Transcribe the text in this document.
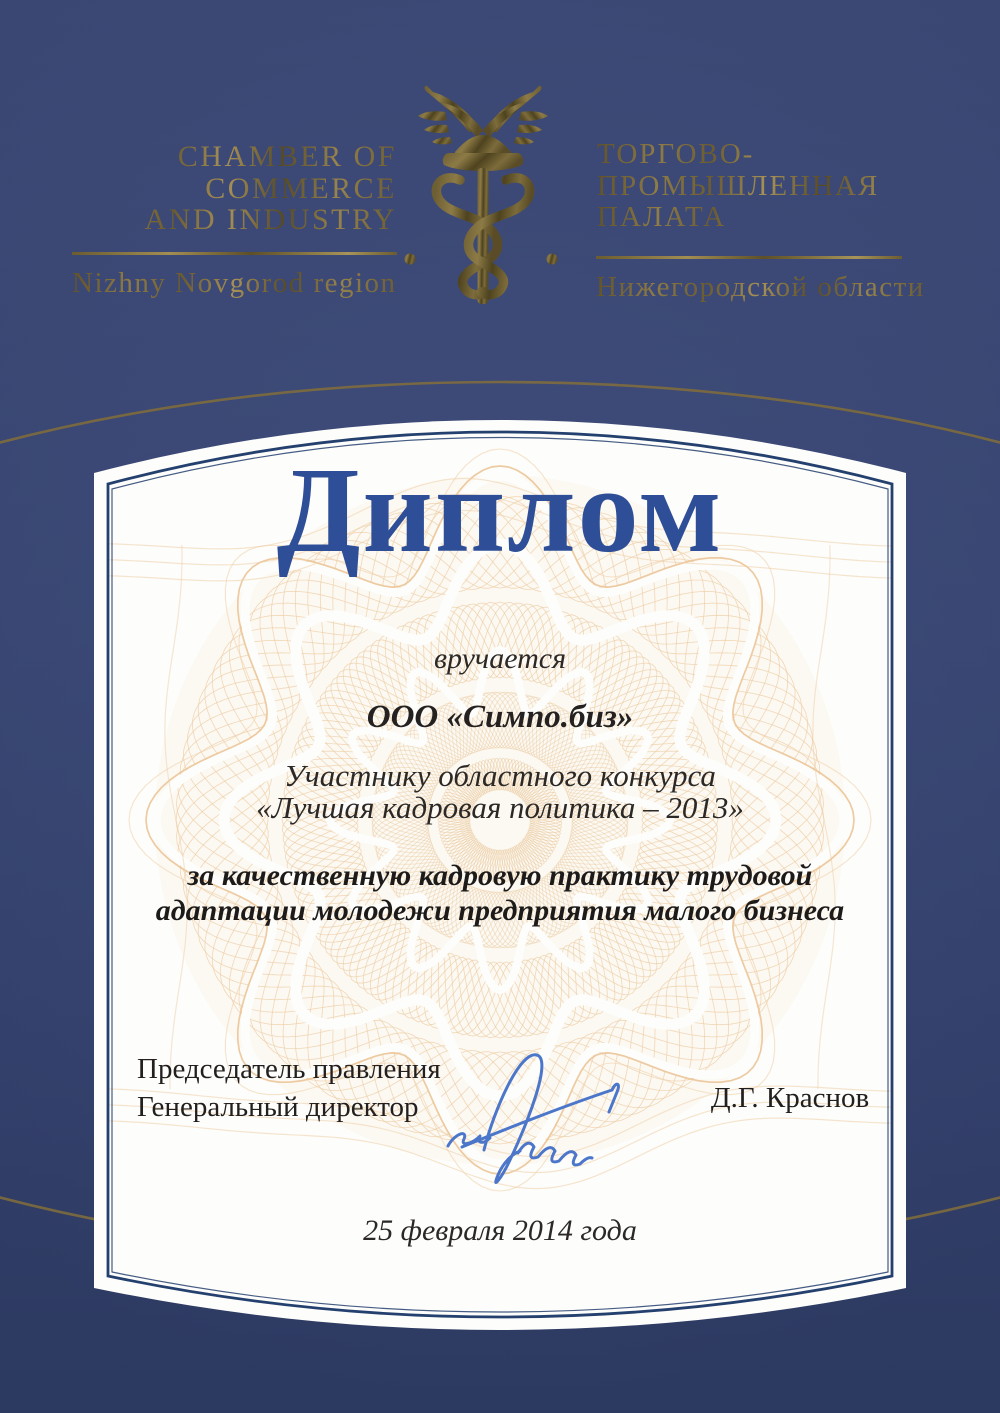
CHAMBER OF
COMMERCE
AND INDUSTRY
Nizhny Novgorod region
ТОРГОВО-
ПРОМЫШЛЕННАЯ
ПАЛАТА
Нижегородской области
Диплом
вручается
ООО «Симпо.биз»
Участнику областного конкурса
«Лучшая кадровая политика – 2013»
за качественную кадровую практику трудовой
адаптации молодежи предприятия малого бизнеса
Председатель правления
Генеральный директор	Д.Г. Краснов
25 февраля 2014 года
